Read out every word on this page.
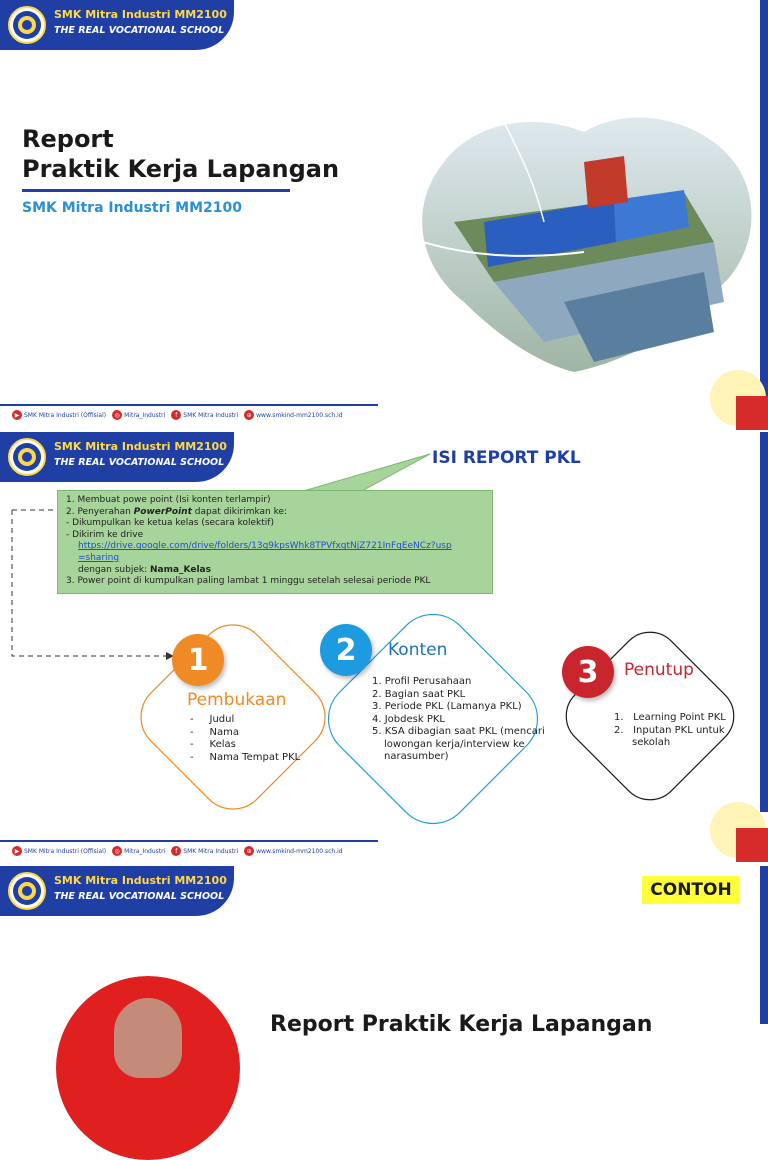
SMK Mitra Industri MM2100
THE REAL VOCATIONAL SCHOOL
Report
Praktik Kerja Lapangan
SMK Mitra Industri MM2100
▶ SMK Mitra Industri (Offisial)	◎ Mitra_Industri	f SMK Mitra Industri	⊕ www.smkind-mm2100.sch.id
SMK Mitra Industri MM2100
THE REAL VOCATIONAL SCHOOL	ISI REPORT PKL
1. Membuat powe point (Isi konten terlampir)
2. Penyerahan PowerPoint dapat dikirimkan ke:
- Dikumpulkan ke ketua kelas (secara kolektif)
- Dikirim ke drive
https://drive.google.com/drive/folders/13g9kpsWhk8TPVfxgtNjZ721InFqEeNCz?usp
=sharing
dengan subjek: Nama_Kelas
3. Power point di kumpulkan paling lambat 1 minggu setelah selesai periode PKL
1
Pembukaan
-     Judul
-     Nama
-     Kelas
-     Nama Tempat PKL
2	Konten
1. Profil Perusahaan
2. Bagian saat PKL
3. Periode PKL (Lamanya PKL)
4. Jobdesk PKL
5. KSA dibagian saat PKL (mencari lowongan kerja/interview ke narasumber)
3	Penutup
1.   Learning Point PKL
2.   Inputan PKL untuk sekolah
▶ SMK Mitra Industri (Offisial)	◎ Mitra_Industri	f SMK Mitra Industri	⊕ www.smkind-mm2100.sch.id
SMK Mitra Industri MM2100
THE REAL VOCATIONAL SCHOOL	CONTOH
Report Praktik Kerja Lapangan
